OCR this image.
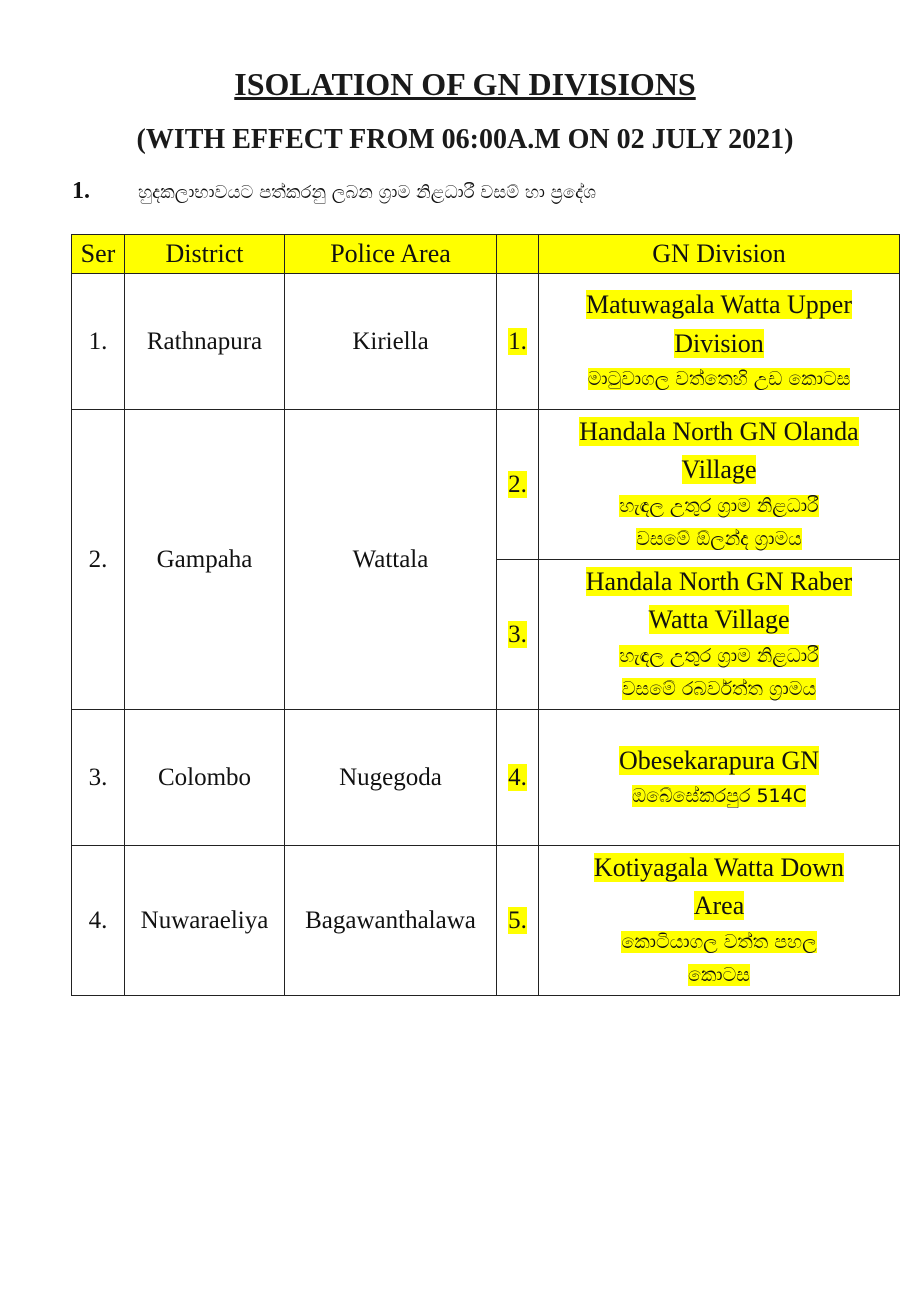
ISOLATION OF GN DIVISIONS
(WITH EFFECT FROM 06:00A.M ON 02 JULY 2021)
1.	හුදකලාභාවයට පත්කරනු ලබන ග්‍රාම නිළධාරී වසම් හා ප්‍රදේශ
Ser	District	Police Area		GN Division
1.	Rathnapura	Kiriella	1.	Matuwagala Watta Upper
Division
මාටුවාගල වත්තෙහි උඩ කොටස

2.	Gampaha	Wattala	2.	Handala North GN Olanda
Village
හැඳල උතුර ග්‍රාම නිළධාරී
වසමේ ඕලන්ද ග්‍රාමය

			3.	Handala North GN Raber
Watta Village
හැඳල උතුර ග්‍රාම නිළධාරී
වසමේ රබර්වත්ත ග්‍රාමය

3.	Colombo	Nugegoda	4.	Obesekarapura GN
ඔබේසේකරපුර 514C

4.	Nuwaraeliya	Bagawanthalawa	5.	Kotiyagala Watta Down
Area
කොටියාගල වත්ත පහල
කොටස
